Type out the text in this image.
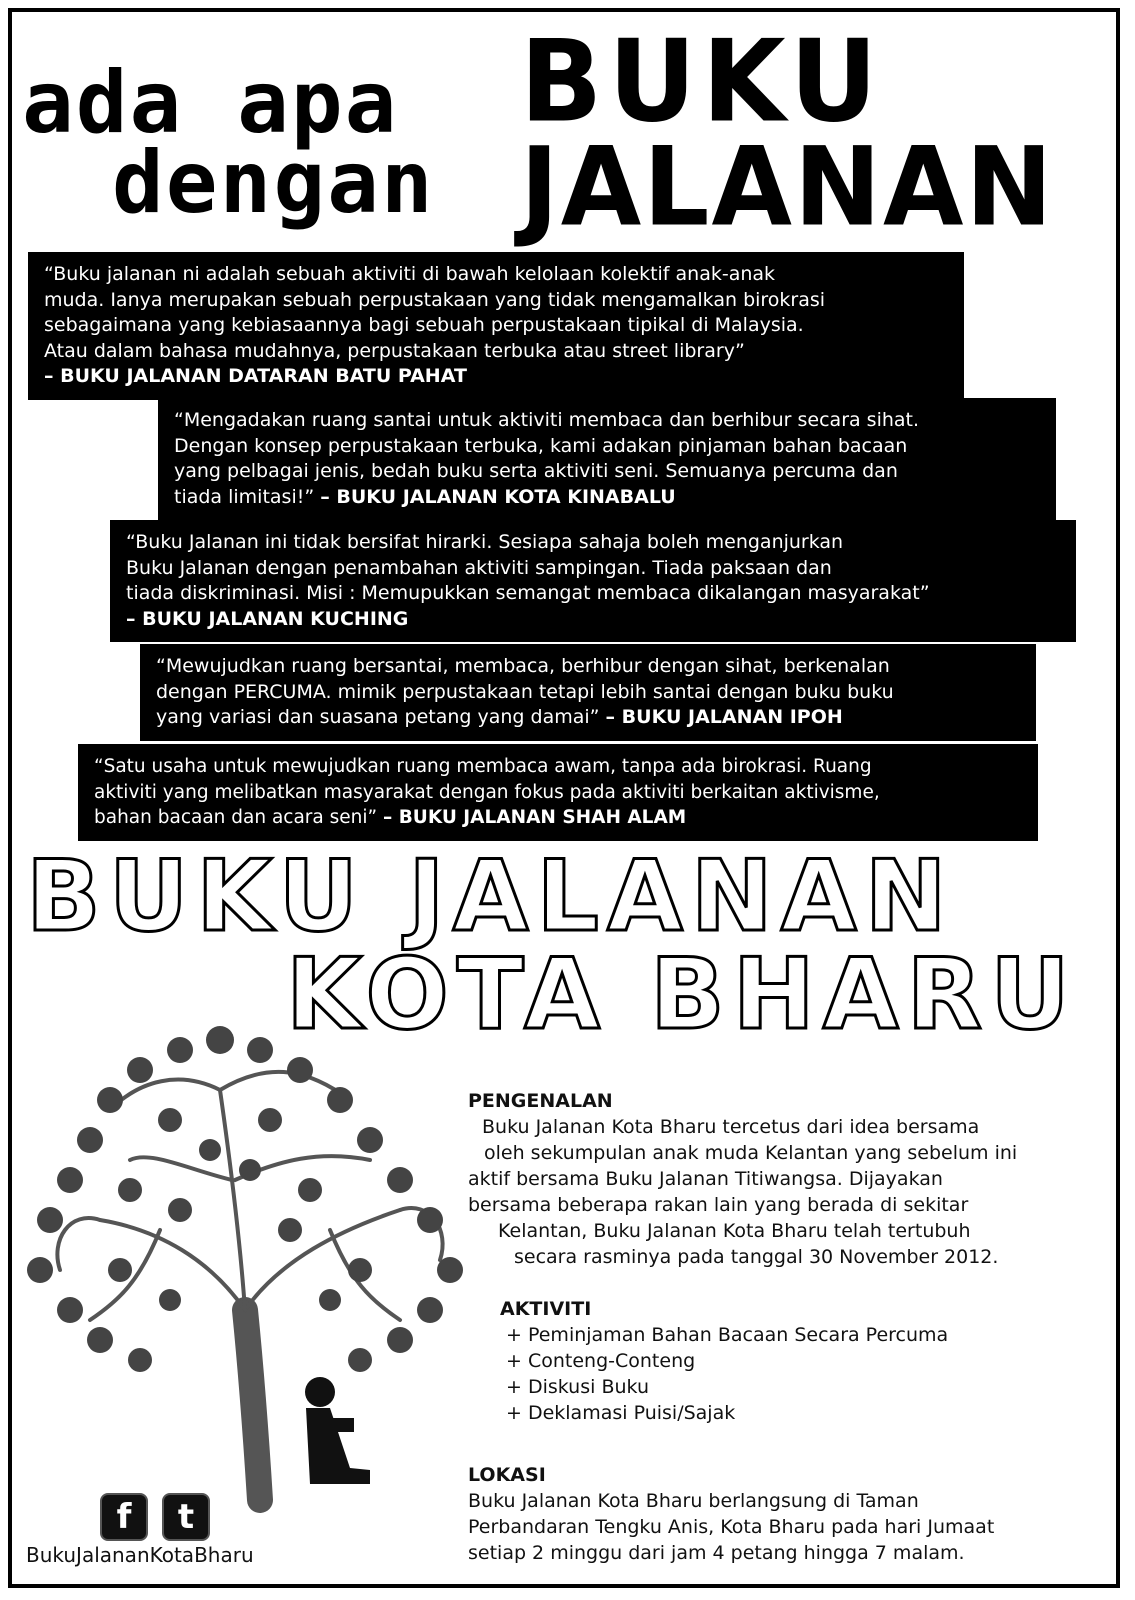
ada apa
dengan
BUKU
JALANAN

“Buku jalanan ni adalah sebuah aktiviti di bawah kelolaan kolektif anak-anak

muda. Ianya merupakan sebuah perpustakaan yang tidak mengamalkan birokrasi

sebagaimana yang kebiasaannya bagi sebuah perpustakaan tipikal di Malaysia.

Atau dalam bahasa mudahnya, perpustakaan terbuka atau street library”

– BUKU JALANAN DATARAN BATU PAHAT

“Mengadakan ruang santai untuk aktiviti membaca dan berhibur secara sihat.

Dengan konsep perpustakaan terbuka, kami adakan pinjaman bahan bacaan

yang pelbagai jenis, bedah buku serta aktiviti seni. Semuanya percuma dan

tiada limitasi!” – BUKU JALANAN KOTA KINABALU

“Buku Jalanan ini tidak bersifat hirarki. Sesiapa sahaja boleh menganjurkan

Buku Jalanan dengan penambahan aktiviti sampingan. Tiada paksaan dan

tiada diskriminasi. Misi : Memupukkan semangat membaca dikalangan masyarakat”

– BUKU JALANAN KUCHING

“Mewujudkan ruang bersantai, membaca, berhibur dengan sihat, berkenalan

dengan PERCUMA. mimik perpustakaan tetapi lebih santai dengan buku buku

yang variasi dan suasana petang yang damai” – BUKU JALANAN IPOH

“Satu usaha untuk mewujudkan ruang membaca awam, tanpa ada birokrasi. Ruang

aktiviti yang melibatkan masyarakat dengan fokus pada aktiviti berkaitan aktivisme,

bahan bacaan dan acara seni” – BUKU JALANAN SHAH ALAM

BUKU JALANAN
KOTA BHARU
PENGENALAN

Buku Jalanan Kota Bharu tercetus dari idea bersama

oleh sekumpulan anak muda Kelantan yang sebelum ini

aktif bersama Buku Jalanan Titiwangsa. Dijayakan

bersama beberapa rakan lain yang berada di sekitar

Kelantan, Buku Jalanan Kota Bharu telah tertubuh

secara rasminya pada tanggal 30 November 2012.

AKTIVITI

+ Peminjaman Bahan Bacaan Secara Percuma

+ Conteng-Conteng

+ Diskusi Buku

+ Deklamasi Puisi/Sajak

LOKASI

Buku Jalanan Kota Bharu berlangsung di Taman

Perbandaran Tengku Anis, Kota Bharu pada hari Jumaat

setiap 2 minggu dari jam 4 petang hingga 7 malam.

f	t
BukuJalananKotaBharu
